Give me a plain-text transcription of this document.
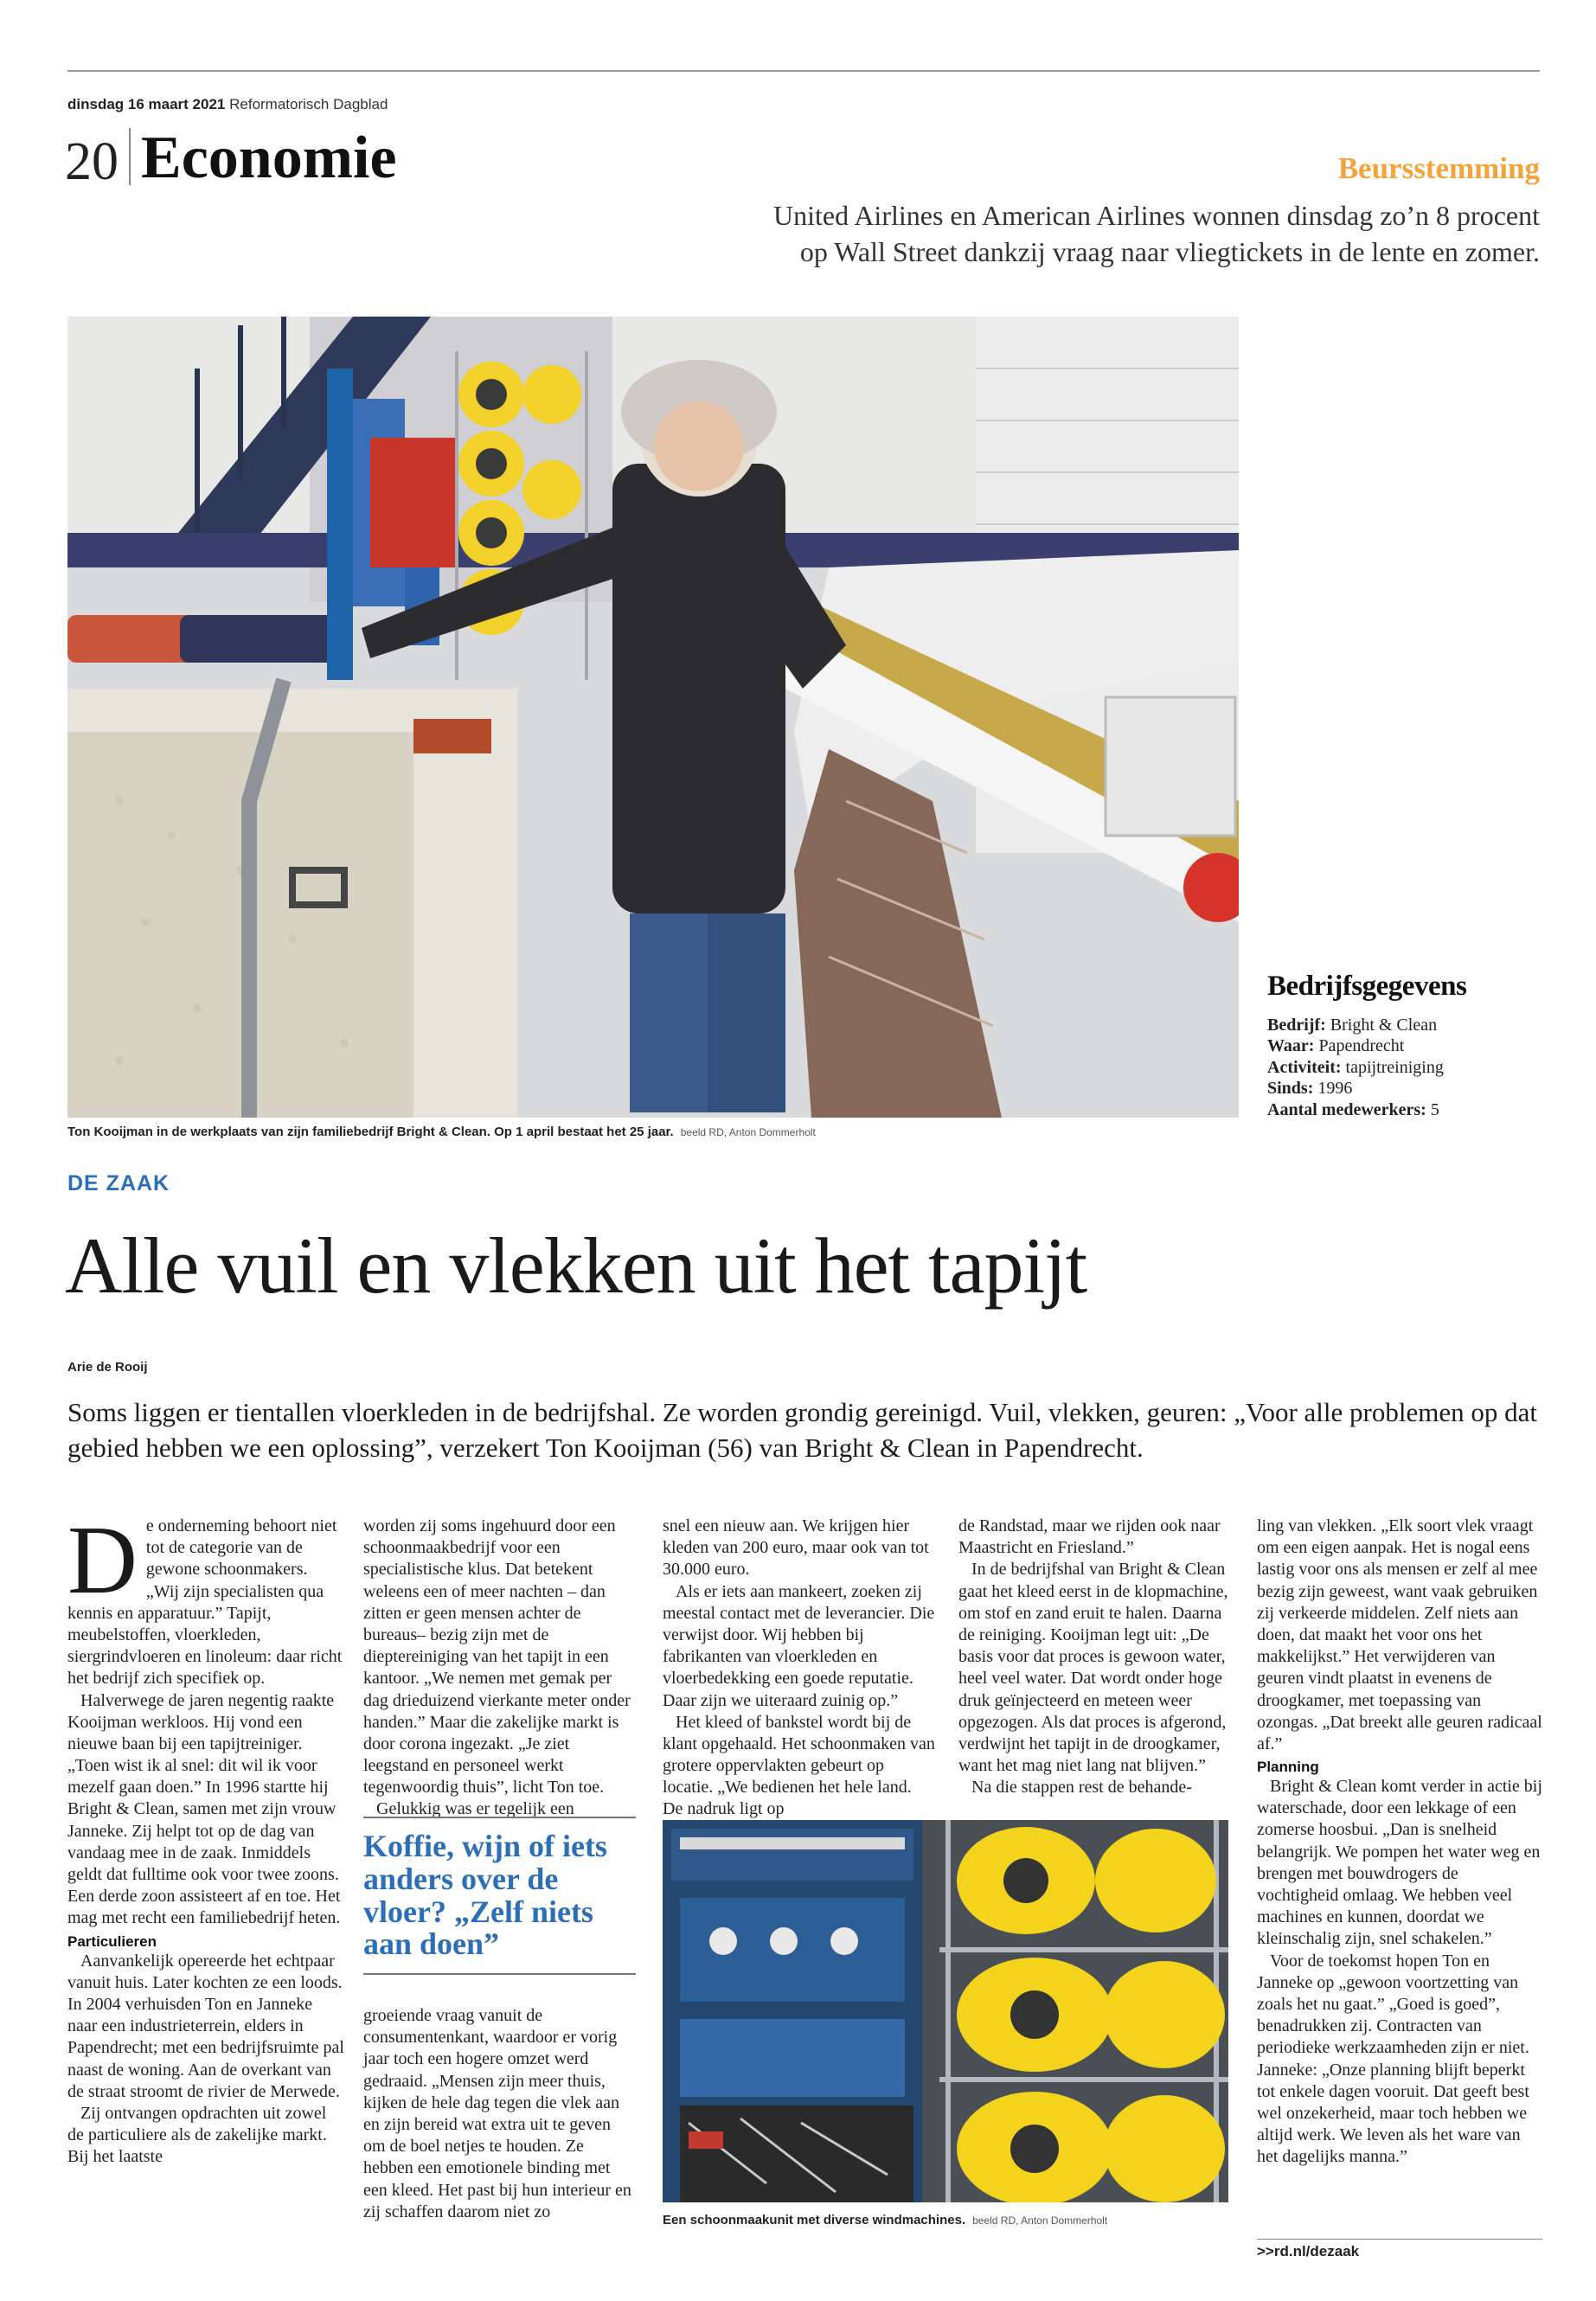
dinsdag 16 maart 2021 Reformatorisch Dagblad
20 Economie	Beursstemming
United Airlines en American Airlines wonnen dinsdag zo’n 8 procent
op Wall Street dankzij vraag naar vliegtickets in de lente en zomer.
Ton Kooijman in de werkplaats van zijn familiebedrijf Bright & Clean. Op 1 april bestaat het 25 jaar. beeld RD, Anton Dommerholt
Bedrijfsgegevens
Bedrijf: Bright & Clean
Waar: Papendrecht
Activiteit: tapijtreiniging
Sinds: 1996
Aantal medewerkers: 5
DE ZAAK
Alle vuil en vlekken uit het tapijt
Arie de Rooij
Soms liggen er tientallen vloerkleden in de bedrijfshal. Ze worden grondig gereinigd. Vuil, vlekken, geuren: „Voor alle problemen op dat gebied hebben we een oplossing”, verzekert Ton Kooijman (56) van Bright & Clean in Papendrecht.

De onderneming behoort niet tot de categorie van de gewone schoonmakers. „Wij zijn specialisten qua kennis en apparatuur.” Tapijt, meubelstoffen, vloerkleden, siergrindvloeren en linoleum: daar richt het bedrijf zich specifiek op.

Halverwege de jaren negentig raakte Kooijman werkloos. Hij vond een nieuwe baan bij een tapijtreiniger. „Toen wist ik al snel: dit wil ik voor mezelf gaan doen.” In 1996 startte hij Bright & Clean, samen met zijn vrouw Janneke. Zij helpt tot op de dag van vandaag mee in de zaak. Inmiddels geldt dat fulltime ook voor twee zoons. Een derde zoon assisteert af en toe. Het mag met recht een familiebedrijf heten.

Particulieren

Aanvankelijk opereerde het echtpaar vanuit huis. Later kochten ze een loods. In 2004 verhuisden Ton en Janneke naar een industrieterrein, elders in Papendrecht; met een bedrijfsruimte pal naast de woning. Aan de overkant van de straat stroomt de rivier de Merwede.

Zij ontvangen opdrachten uit zowel de particuliere als de zakelijke markt. Bij het laatste

worden zij soms ingehuurd door een schoonmaakbedrijf voor een specialistische klus. Dat betekent weleens een of meer nachten – dan zitten er geen mensen achter de bureaus– bezig zijn met de dieptereiniging van het tapijt in een kantoor. „We nemen met gemak per dag drieduizend vierkante meter onder handen.” Maar die zakelijke markt is door corona ingezakt. „Je ziet leegstand en personeel werkt tegenwoordig thuis”, licht Ton toe.

Gelukkig was er tegelijk een

Koffie, wijn of iets anders over de vloer? „Zelf niets aan doen”

groeiende vraag vanuit de consumentenkant, waardoor er vorig jaar toch een hogere omzet werd gedraaid. „Mensen zijn meer thuis, kijken de hele dag tegen die vlek aan en zijn bereid wat extra uit te geven om de boel netjes te houden. Ze hebben een emotionele binding met een kleed. Het past bij hun interieur en zij schaffen daarom niet zo

snel een nieuw aan. We krijgen hier kleden van 200 euro, maar ook van tot 30.000 euro.

Als er iets aan mankeert, zoeken zij meestal contact met de leverancier. Die verwijst door. Wij hebben bij fabrikanten van vloerkleden en vloerbedekking een goede reputatie. Daar zijn we uiteraard zuinig op.”

Het kleed of bankstel wordt bij de klant opgehaald. Het schoonmaken van grotere oppervlakten gebeurt op locatie. „We bedienen het hele land. De nadruk ligt op

de Randstad, maar we rijden ook naar Maastricht en Friesland.”

In de bedrijfshal van Bright & Clean gaat het kleed eerst in de klopmachine, om stof en zand eruit te halen. Daarna de reiniging. Kooijman legt uit: „De basis voor dat proces is gewoon water, heel veel water. Dat wordt onder hoge druk geïnjecteerd en meteen weer opgezogen. Als dat proces is afgerond, verdwijnt het tapijt in de droogkamer, want het mag niet lang nat blijven.”

Na die stappen rest de behande-

ling van vlekken. „Elk soort vlek vraagt om een eigen aanpak. Het is nogal eens lastig voor ons als mensen er zelf al mee bezig zijn geweest, want vaak gebruiken zij verkeerde middelen. Zelf niets aan doen, dat maakt het voor ons het makkelijkst.” Het verwijderen van geuren vindt plaatst in evenens de droogkamer, met toepassing van ozongas. „Dat breekt alle geuren radicaal af.”

Planning

Bright & Clean komt verder in actie bij waterschade, door een lekkage of een zomerse hoosbui. „Dan is snelheid belangrijk. We pompen het water weg en brengen met bouwdrogers de vochtigheid omlaag. We hebben veel machines en kunnen, doordat we kleinschalig zijn, snel schakelen.”

Voor de toekomst hopen Ton en Janneke op „gewoon voortzetting van zoals het nu gaat.” „Goed is goed”, benadrukken zij. Contracten van periodieke werkzaamheden zijn er niet. Janneke: „Onze planning blijft beperkt tot enkele dagen vooruit. Dat geeft best wel onzekerheid, maar toch hebben we altijd werk. We leven als het ware van het dagelijks manna.”

Een schoonmaakunit met diverse windmachines. beeld RD, Anton Dommerholt
>>rd.nl/dezaak
